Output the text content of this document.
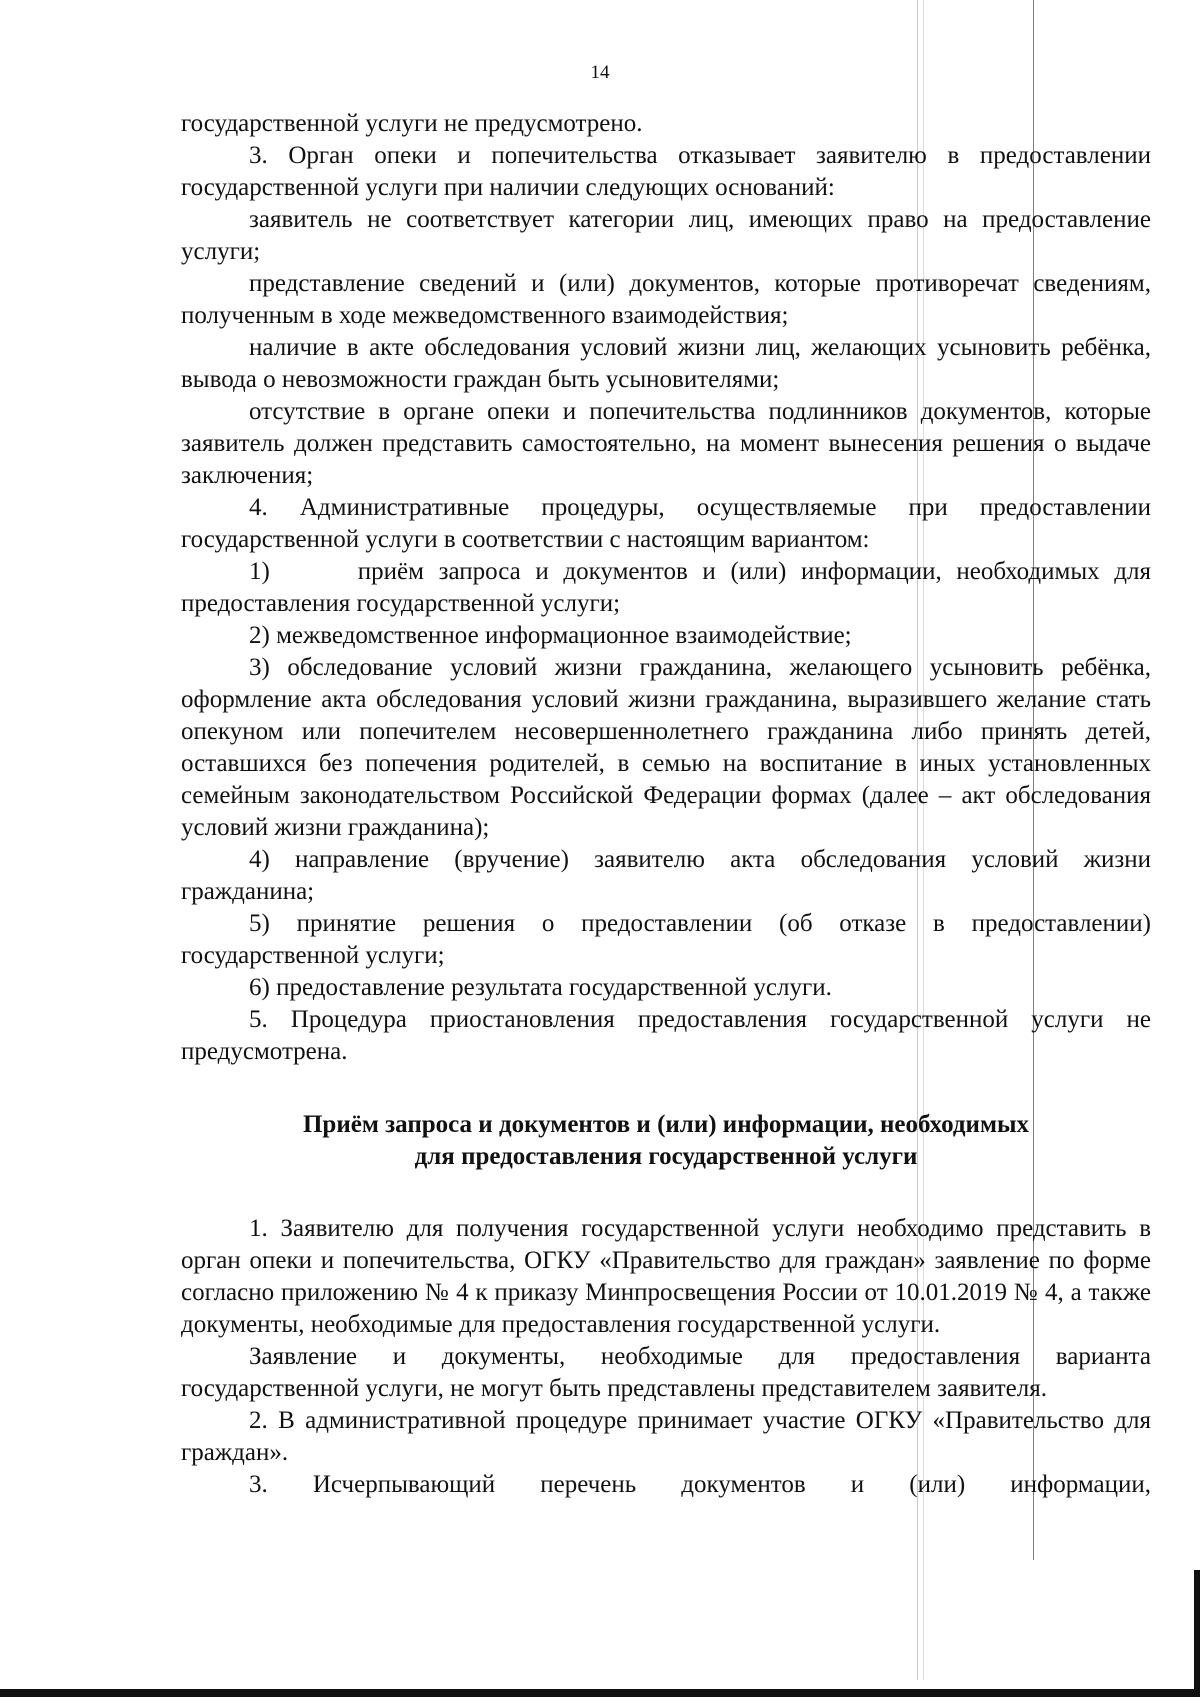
14

государственной услуги не предусмотрено.

3. Орган опеки и попечительства отказывает заявителю в предоставлении государственной услуги при наличии следующих оснований:

заявитель не соответствует категории лиц, имеющих право на предоставление услуги;

представление сведений и (или) документов, которые противоречат сведениям, полученным в ходе межведомственного взаимодействия;

наличие в акте обследования условий жизни лиц, желающих усыновить ребёнка, вывода о невозможности граждан быть усыновителями;

отсутствие в органе опеки и попечительства подлинников документов, которые заявитель должен представить самостоятельно, на момент вынесения решения о выдаче заключения;

4. Административные процедуры, осуществляемые при предоставлении государственной услуги в соответствии с настоящим вариантом:

1)      приём запроса и документов и (или) информации, необходимых для предоставления государственной услуги;

2) межведомственное информационное взаимодействие;

3) обследование условий жизни гражданина, желающего усыновить ребёнка, оформление акта обследования условий жизни гражданина, выразившего желание стать опекуном или попечителем несовершеннолетнего гражданина либо принять детей, оставшихся без попечения родителей, в семью на воспитание в иных установленных семейным законодательством Российской Федерации формах (далее – акт обследования условий жизни гражданина);

4) направление (вручение) заявителю акта обследования условий жизни гражданина;

5) принятие решения о предоставлении (об отказе в предоставлении) государственной услуги;

6) предоставление результата государственной услуги.

5. Процедура приостановления предоставления государственной услуги не предусмотрена.

Приём запроса и документов и (или) информации, необходимых
для предоставления государственной услуги

1. Заявителю для получения государственной услуги необходимо представить в орган опеки и попечительства, ОГКУ «Правительство для граждан» заявление по форме согласно приложению № 4 к приказу Минпросвещения России от 10.01.2019 № 4, а также документы, необходимые для предоставления государственной услуги.

Заявление и документы, необходимые для предоставления варианта государственной услуги, не могут быть представлены представителем заявителя.

2. В административной процедуре принимает участие ОГКУ «Правительство для граждан».

3. Исчерпывающий перечень документов и (или) информации,
